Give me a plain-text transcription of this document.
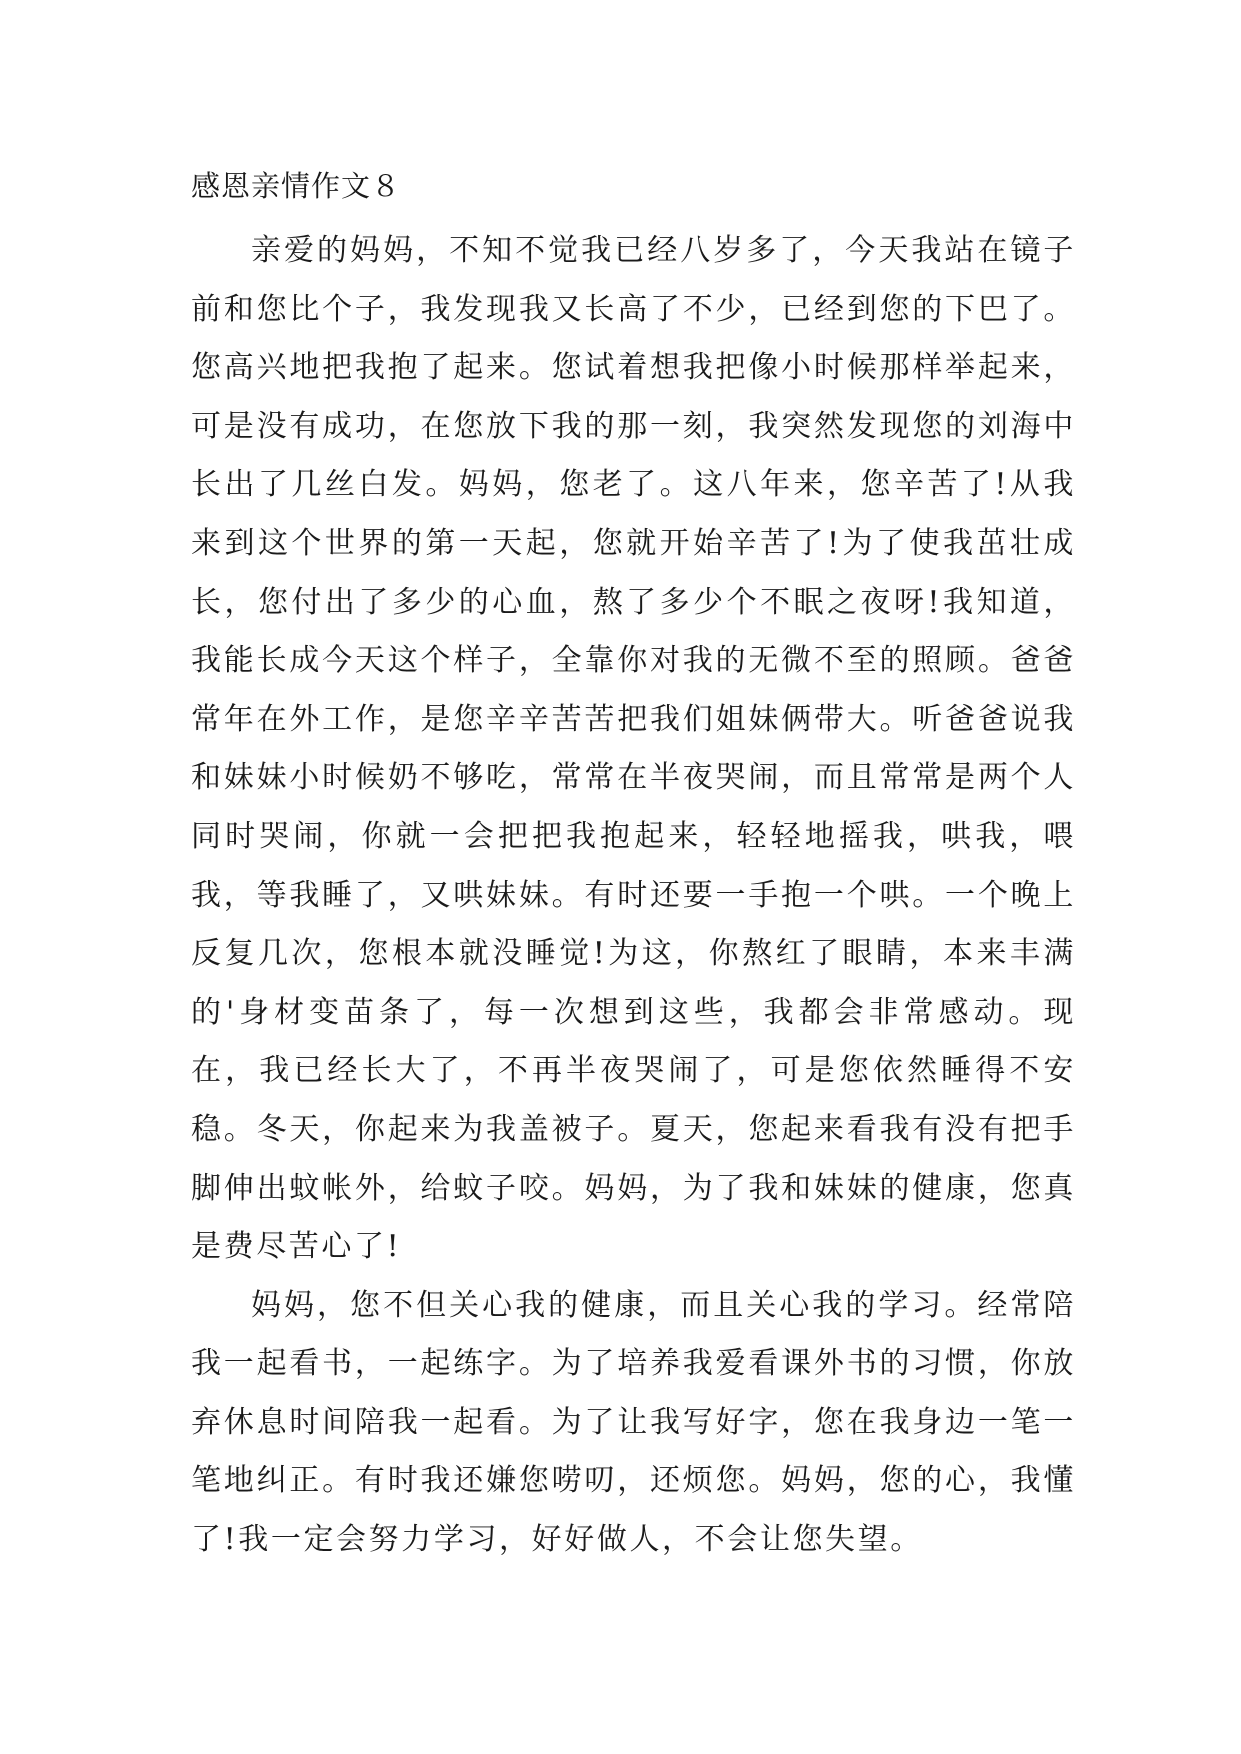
感恩亲情作文８

亲爱的妈妈，不知不觉我已经八岁多了，今天我站在镜子前和您比个子，我发现我又长高了不少，已经到您的下巴了。您高兴地把我抱了起来。您试着想我把像小时候那样举起来，可是没有成功，在您放下我的那一刻，我突然发现您的刘海中长出了几丝白发。妈妈，您老了。这八年来，您辛苦了!从我来到这个世界的第一天起，您就开始辛苦了!为了使我茁壮成长，您付出了多少的心血，熬了多少个不眠之夜呀!我知道，我能长成今天这个样子，全靠你对我的无微不至的照顾。爸爸常年在外工作，是您辛辛苦苦把我们姐妹俩带大。听爸爸说我和妹妹小时候奶不够吃，常常在半夜哭闹，而且常常是两个人同时哭闹，你就一会把把我抱起来，轻轻地摇我，哄我，喂我，等我睡了，又哄妹妹。有时还要一手抱一个哄。一个晚上反复几次，您根本就没睡觉!为这，你熬红了眼睛，本来丰满的'身材变苗条了，每一次想到这些，我都会非常感动。现在，我已经长大了，不再半夜哭闹了，可是您依然睡得不安稳。冬天，你起来为我盖被子。夏天，您起来看我有没有把手脚伸出蚊帐外，给蚊子咬。妈妈，为了我和妹妹的健康，您真是费尽苦心了!

妈妈，您不但关心我的健康，而且关心我的学习。经常陪我一起看书，一起练字。为了培养我爱看课外书的习惯，你放弃休息时间陪我一起看。为了让我写好字，您在我身边一笔一笔地纠正。有时我还嫌您唠叨，还烦您。妈妈，您的心，我懂了!我一定会努力学习，好好做人，不会让您失望。
